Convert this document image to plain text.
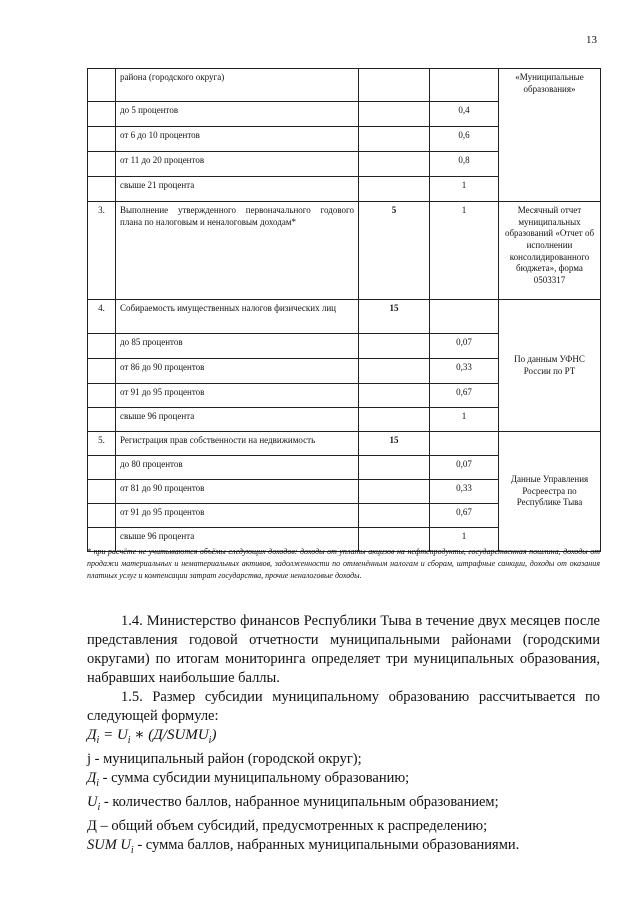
13
	района (городского округа)			«Муниципальные образования»
	до 5 процентов		0,4	
	от 6 до 10 процентов		0,6	
	от 11 до 20 процентов		0,8	
	свыше 21 процента		1	
3.	Выполнение утвержденного первоначального годового плана по налоговым и неналоговым доходам*	5	1	Месячный отчет муниципальных образований «Отчет об исполнении консолидированного бюджета», форма 0503317
4.	Собираемость имущественных налогов физических лиц	15		По данным УФНС России по РТ
	до 85 процентов		0,07	
	от 86 до 90 процентов		0,33	
	от 91 до 95 процентов		0,67	
	свыше 96 процента		1	
5.	Регистрация прав собственности на недвижимость	15		Данные Управления Росреестра по Республике Тыва
	до 80 процентов		0,07	
	от 81 до 90 процентов		0,33	
	от 91 до 95 процентов		0,67	
	свыше 96 процента		1	
* при расчёте не учитываются объёмы следующих доходов: доходы от уплаты акцизов на нефтепродукты, государственная пошлина, доходы от продажи материальных и нематериальных активов, задолженности по отменённым налогам и сборам, штрафные санкции, доходы от оказания платных услуг и компенсации затрат государства, прочие неналоговые доходы.

1.4. Министерство финансов Республики Тыва в течение двух месяцев после представления годовой отчетности муниципальными районами (городскими округами) по итогам мониторинга определяет три муниципальных образования, набравших наибольшие баллы.

1.5. Размер субсидии муниципальному образованию рассчитывается по следующей формуле:

$Д_i = U_i$ ∗ $(Д/SUMU_i)$

j - муниципальный район (городской округ);

$Д_i$ - сумма субсидии муниципальному образованию;

$U_i$ - количество баллов, набранное муниципальным образованием;

Д – общий объем субсидий, предусмотренных к распределению;

SUM $U_i$ - сумма баллов, набранных муниципальными образованиями.
